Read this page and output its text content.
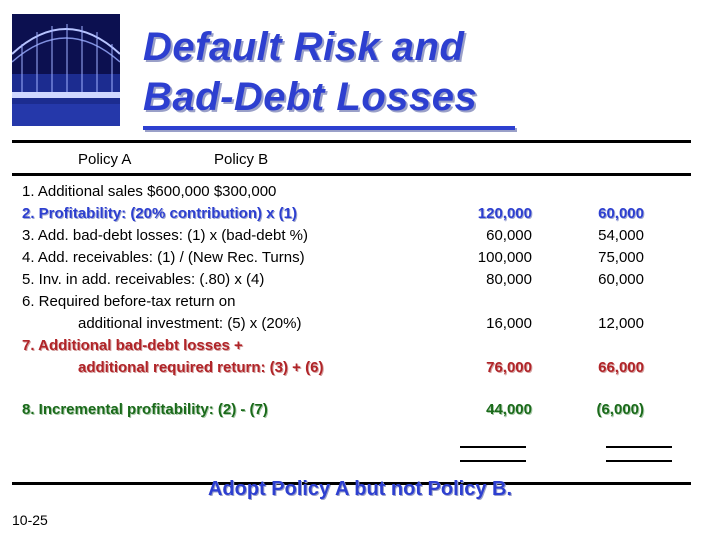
Default Risk and
Bad-Debt Losses
Policy A	Policy B
1. Additional sales $600,000 $300,000
2. Profitability: (20% contribution) x (1)	120,000	60,000
3. Add. bad-debt losses: (1) x (bad-debt %)	60,000	54,000
4. Add. receivables: (1) / (New Rec. Turns)	100,000	75,000
5. Inv. in add. receivables: (.80) x (4)	80,000	60,000
6. Required before-tax return on
additional investment: (5) x (20%)	16,000	12,000
7. Additional bad-debt losses +
additional required return: (3) + (6)	76,000	66,000
8. Incremental profitability: (2) - (7)	44,000	(6,000)
Adopt Policy A but not Policy B.
10-25
